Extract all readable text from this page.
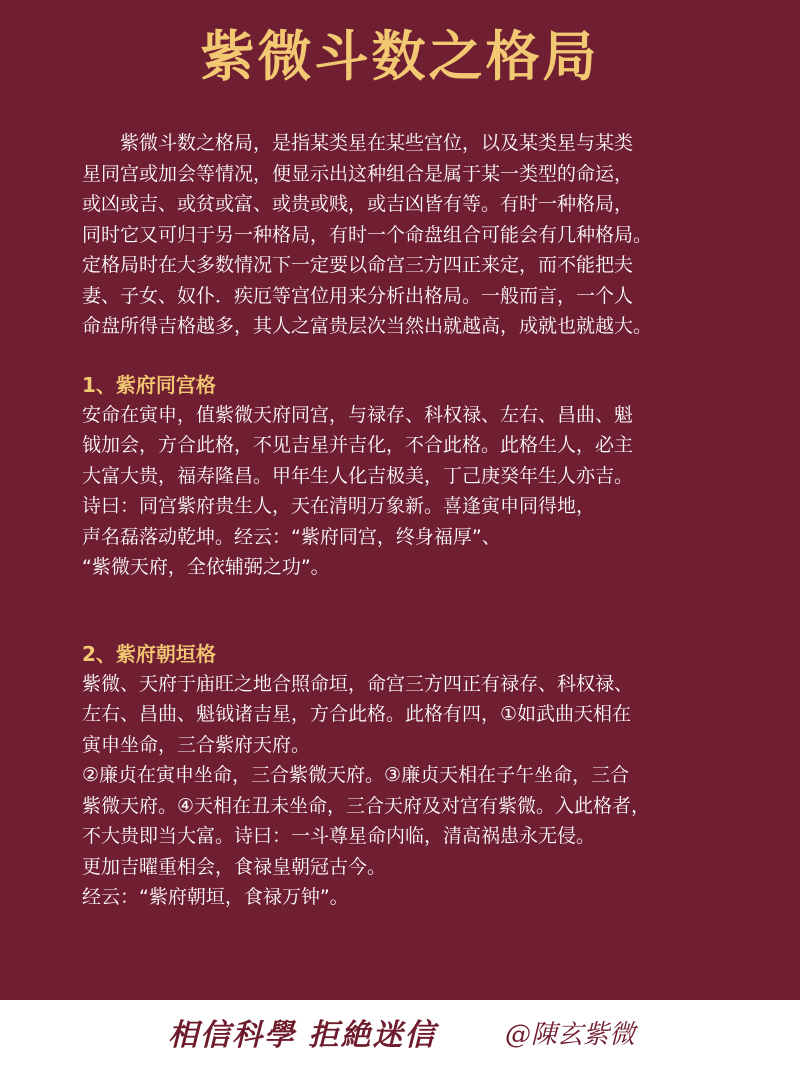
紫微斗数之格局
紫微斗数之格局，是指某类星在某些宫位，以及某类星与某类
星同宫或加会等情况，便显示出这种组合是属于某一类型的命运，
或凶或吉、或贫或富、或贵或贱，或吉凶皆有等。有时一种格局，
同时它又可归于另一种格局，有时一个命盘组合可能会有几种格局。
定格局时在大多数情况下一定要以命宫三方四正来定，而不能把夫
妻、子女、奴仆．疾厄等宫位用来分析出格局。一般而言，一个人
命盘所得吉格越多，其人之富贵层次当然出就越高，成就也就越大。
1、紫府同宫格
安命在寅申，值紫微天府同宫，与禄存、科权禄、左右、昌曲、魁
钺加会，方合此格，不见吉星并吉化，不合此格。此格生人，必主
大富大贵，福寿隆昌。甲年生人化吉极美，丁己庚癸年生人亦吉。
诗曰：同宫紫府贵生人，天在清明万象新。喜逢寅申同得地，
声名磊落动乾坤。经云：“紫府同宫，终身福厚”、
“紫微天府，全依辅弼之功”。
2、紫府朝垣格
紫微、天府于庙旺之地合照命垣，命宫三方四正有禄存、科权禄、
左右、昌曲、魁钺诸吉星，方合此格。此格有四，①如武曲天相在
寅申坐命，三合紫府天府。
②廉贞在寅申坐命，三合紫微天府。③廉贞天相在子午坐命，三合
紫微天府。④天相在丑未坐命，三合天府及对宫有紫微。入此格者，
不大贵即当大富。诗曰：一斗尊星命内临，清高祸患永无侵。
更加吉曜重相会，食禄皇朝冠古今。
经云：“紫府朝垣，食禄万钟”。
相信科學 拒絶迷信	@陳玄紫微
